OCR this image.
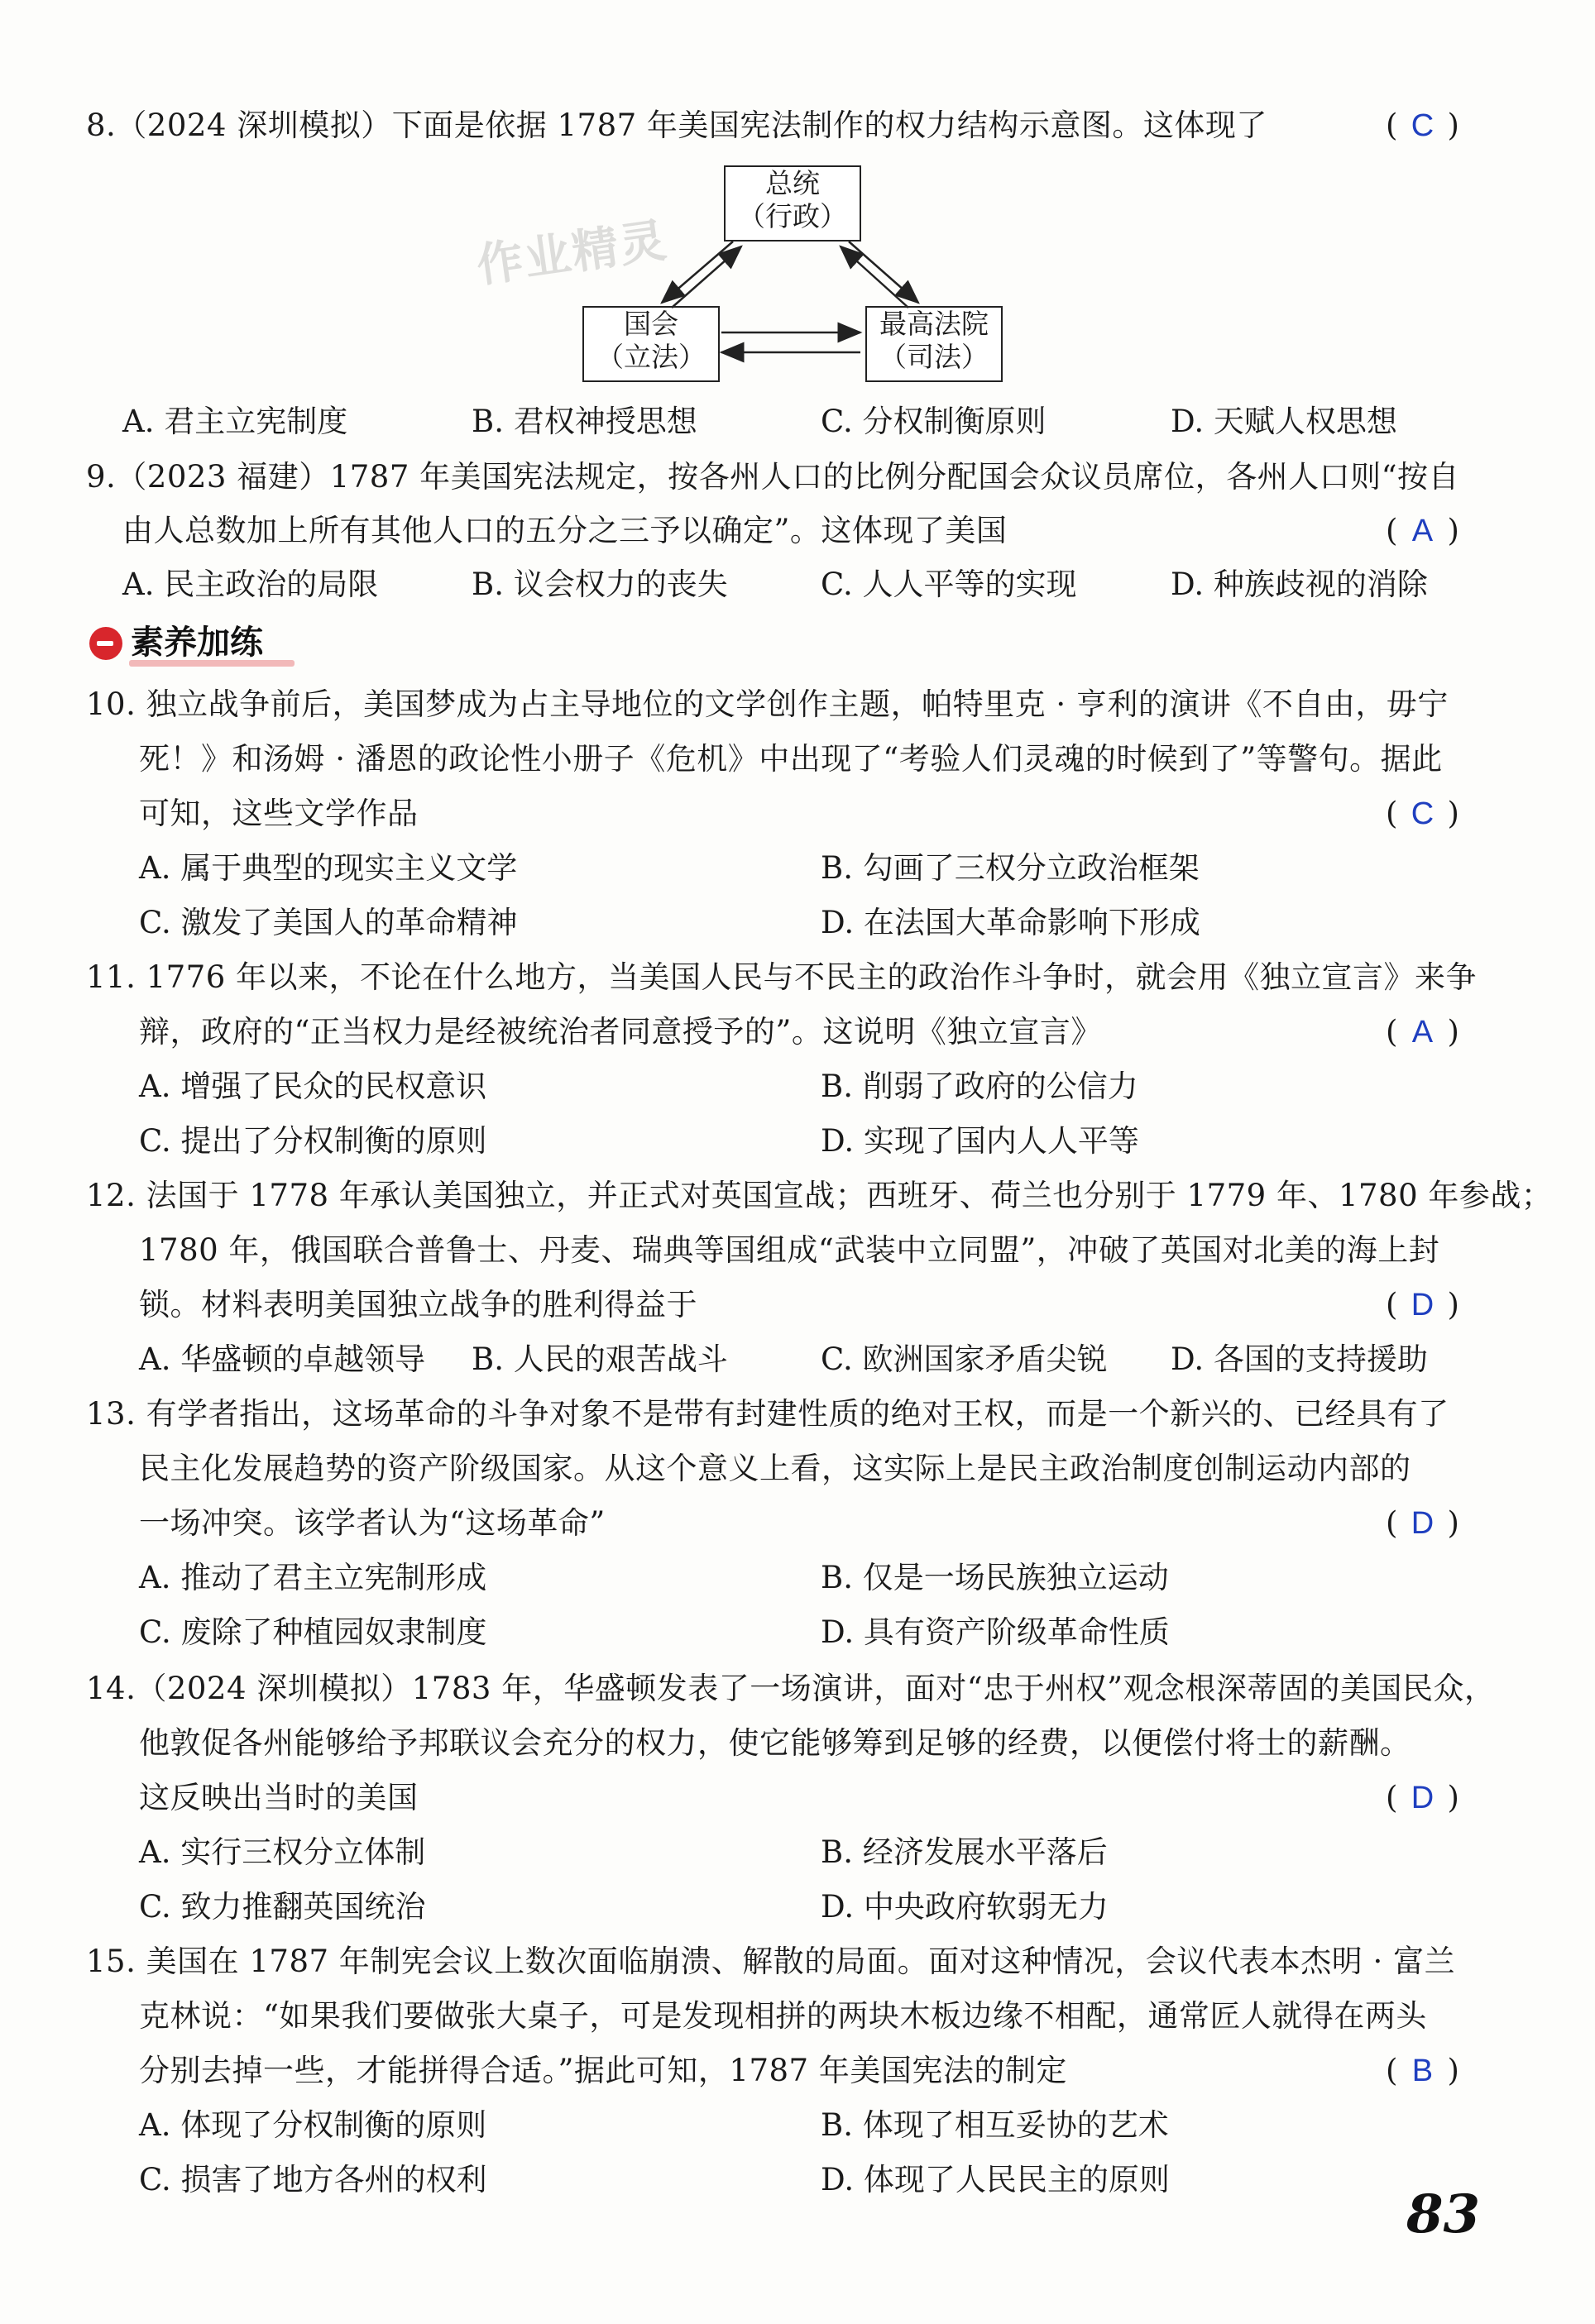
8.（2024 深圳模拟）下面是依据 1787 年美国宪法制作的权力结构示意图。这体现了	( C )
总统
（行政）
国会
（立法）
最高法院
（司法）
作业精灵
A. 君主立宪制度	B. 君权神授思想	C. 分权制衡原则	D. 天赋人权思想
9.（2023 福建）1787 年美国宪法规定，按各州人口的比例分配国会众议员席位，各州人口则“按自
由人总数加上所有其他人口的五分之三予以确定”。这体现了美国	( A )
A. 民主政治的局限	B. 议会权力的丧失	C. 人人平等的实现	D. 种族歧视的消除
素养加练
10. 独立战争前后，美国梦成为占主导地位的文学创作主题，帕特里克 · 亨利的演讲《不自由，毋宁
死！》和汤姆 · 潘恩的政论性小册子《危机》中出现了“考验人们灵魂的时候到了”等警句。据此
可知，这些文学作品	( C )
A. 属于典型的现实主义文学	B. 勾画了三权分立政治框架
C. 激发了美国人的革命精神	D. 在法国大革命影响下形成
11. 1776 年以来，不论在什么地方，当美国人民与不民主的政治作斗争时，就会用《独立宣言》来争
辩，政府的“正当权力是经被统治者同意授予的”。这说明《独立宣言》	( A )
A. 增强了民众的民权意识	B. 削弱了政府的公信力
C. 提出了分权制衡的原则	D. 实现了国内人人平等
12. 法国于 1778 年承认美国独立，并正式对英国宣战；西班牙、荷兰也分别于 1779 年、1780 年参战；
1780 年，俄国联合普鲁士、丹麦、瑞典等国组成“武装中立同盟”，冲破了英国对北美的海上封
锁。材料表明美国独立战争的胜利得益于	( D )
A. 华盛顿的卓越领导 B. 人民的艰苦战斗	C. 欧洲国家矛盾尖锐 D. 各国的支持援助
13. 有学者指出，这场革命的斗争对象不是带有封建性质的绝对王权，而是一个新兴的、已经具有了
民主化发展趋势的资产阶级国家。从这个意义上看，这实际上是民主政治制度创制运动内部的
一场冲突。该学者认为“这场革命”	( D )
A. 推动了君主立宪制形成	B. 仅是一场民族独立运动
C. 废除了种植园奴隶制度	D. 具有资产阶级革命性质
14.（2024 深圳模拟）1783 年，华盛顿发表了一场演讲，面对“忠于州权”观念根深蒂固的美国民众，
他敦促各州能够给予邦联议会充分的权力，使它能够筹到足够的经费，以便偿付将士的薪酬。
这反映出当时的美国	( D )
A. 实行三权分立体制	B. 经济发展水平落后
C. 致力推翻英国统治	D. 中央政府软弱无力
15. 美国在 1787 年制宪会议上数次面临崩溃、解散的局面。面对这种情况，会议代表本杰明 · 富兰
克林说：“如果我们要做张大桌子，可是发现相拼的两块木板边缘不相配，通常匠人就得在两头
分别去掉一些，才能拼得合适。”据此可知，1787 年美国宪法的制定	( B )
A. 体现了分权制衡的原则	B. 体现了相互妥协的艺术
C. 损害了地方各州的权利	D. 体现了人民民主的原则
83
